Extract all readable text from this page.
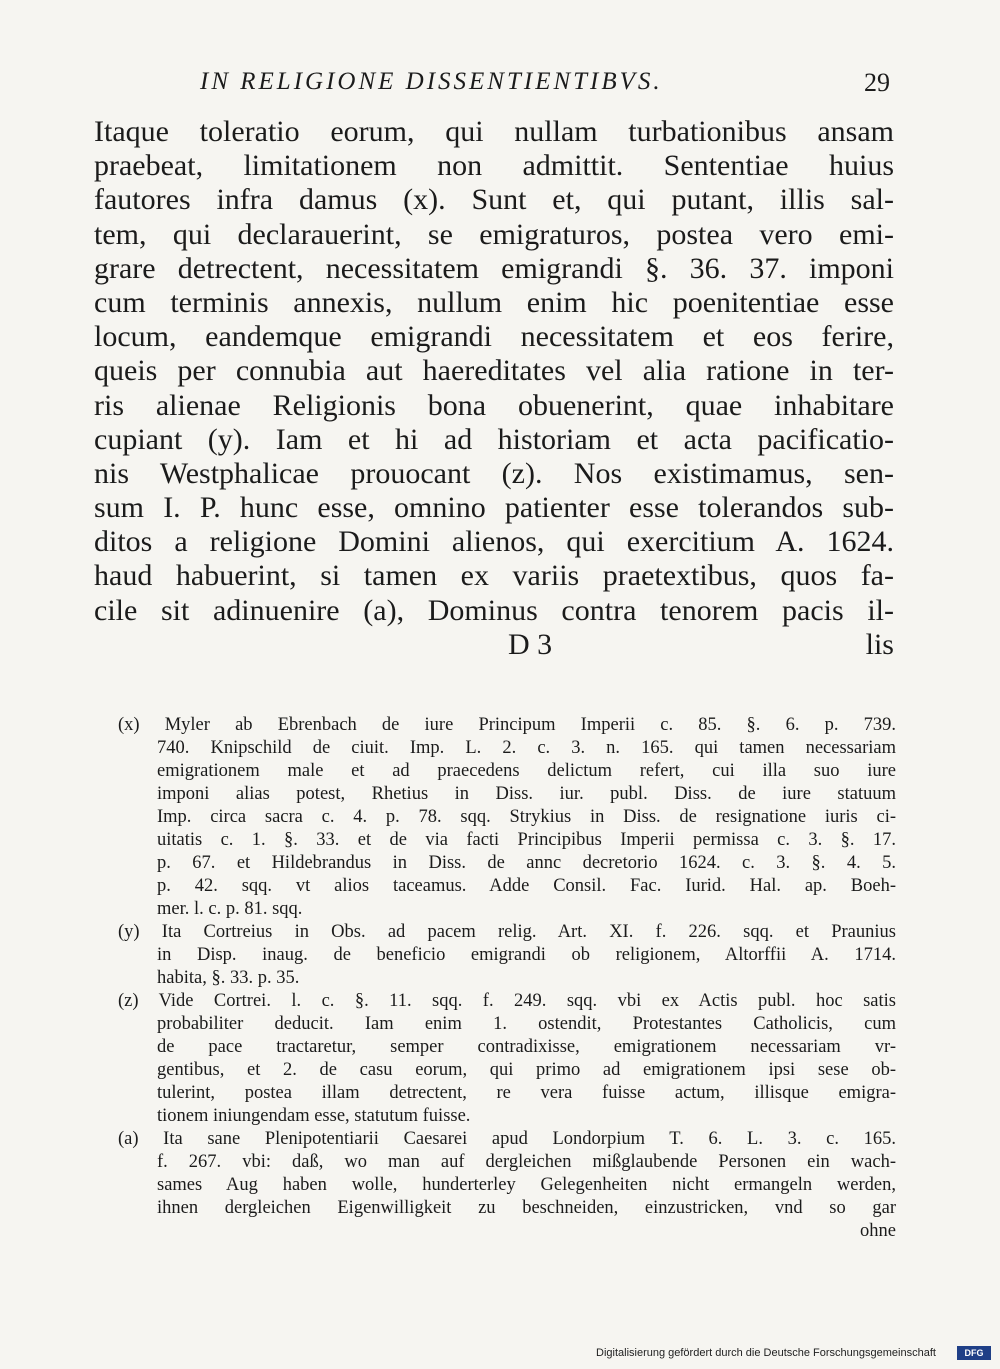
IN RELIGIONE DISSENTIENTIBVS.	29
Itaque toleratio eorum, qui nullam turbationibus ansam
praebeat, limitationem non admittit. Sententiae huius
fautores infra damus (x). Sunt et, qui putant, illis sal-
tem, qui declarauerint, se emigraturos, postea vero emi-
grare detrectent, necessitatem emigrandi §. 36. 37. imponi
cum terminis annexis, nullum enim hic poenitentiae esse
locum, eandemque emigrandi necessitatem et eos ferire,
queis per connubia aut haereditates vel alia ratione in ter-
ris alienae Religionis bona obuenerint, quae inhabitare
cupiant (y). Iam et hi ad historiam et acta pacificatio-
nis Westphalicae prouocant (z). Nos existimamus, sen-
sum I. P. hunc esse, omnino patienter esse tolerandos sub-
ditos a religione Domini alienos, qui exercitium A. 1624.
haud habuerint, si tamen ex variis praetextibus, quos fa-
cile sit adinuenire (a), Dominus contra tenorem pacis il-
D 3	lis
(x) Myler ab Ebrenbach de iure Principum Imperii c. 85. §. 6. p. 739.
740. Knipschild de ciuit. Imp. L. 2. c. 3. n. 165. qui tamen necessariam
emigrationem male et ad praecedens delictum refert, cui illa suo iure
imponi alias potest, Rhetius in Diss. iur. publ. Diss. de iure statuum
Imp. circa sacra c. 4. p. 78. sqq. Strykius in Diss. de resignatione iuris ci-
uitatis c. 1. §. 33. et de via facti Principibus Imperii permissa c. 3. §. 17.
p. 67. et Hildebrandus in Diss. de annc decretorio 1624. c. 3. §. 4. 5.
p. 42. sqq. vt alios taceamus. Adde Consil. Fac. Iurid. Hal. ap. Boeh-
mer. l. c. p. 81. sqq.
(y) Ita Cortreius in Obs. ad pacem relig. Art. XI. f. 226. sqq. et Praunius
in Disp. inaug. de beneficio emigrandi ob religionem, Altorffii A. 1714.
habita, §. 33. p. 35.
(z) Vide Cortrei. l. c. §. 11. sqq. f. 249. sqq. vbi ex Actis publ. hoc satis
probabiliter deducit. Iam enim 1. ostendit, Protestantes Catholicis, cum
de pace tractaretur, semper contradixisse, emigrationem necessariam vr-
gentibus, et 2. de casu eorum, qui primo ad emigrationem ipsi sese ob-
tulerint, postea illam detrectent, re vera fuisse actum, illisque emigra-
tionem iniungendam esse, statutum fuisse.
(a) Ita sane Plenipotentiarii Caesarei apud Londorpium T. 6. L. 3. c. 165.
f. 267. vbi: daß, wo man auf dergleichen mißglaubende Personen ein wach-
sames Aug haben wolle, hunderterley Gelegenheiten nicht ermangeln werden,
ihnen dergleichen Eigenwilligkeit zu beschneiden, einzustricken, vnd so gar
ohne
Digitalisierung gefördert durch die Deutsche Forschungsgemeinschaft	DFG
